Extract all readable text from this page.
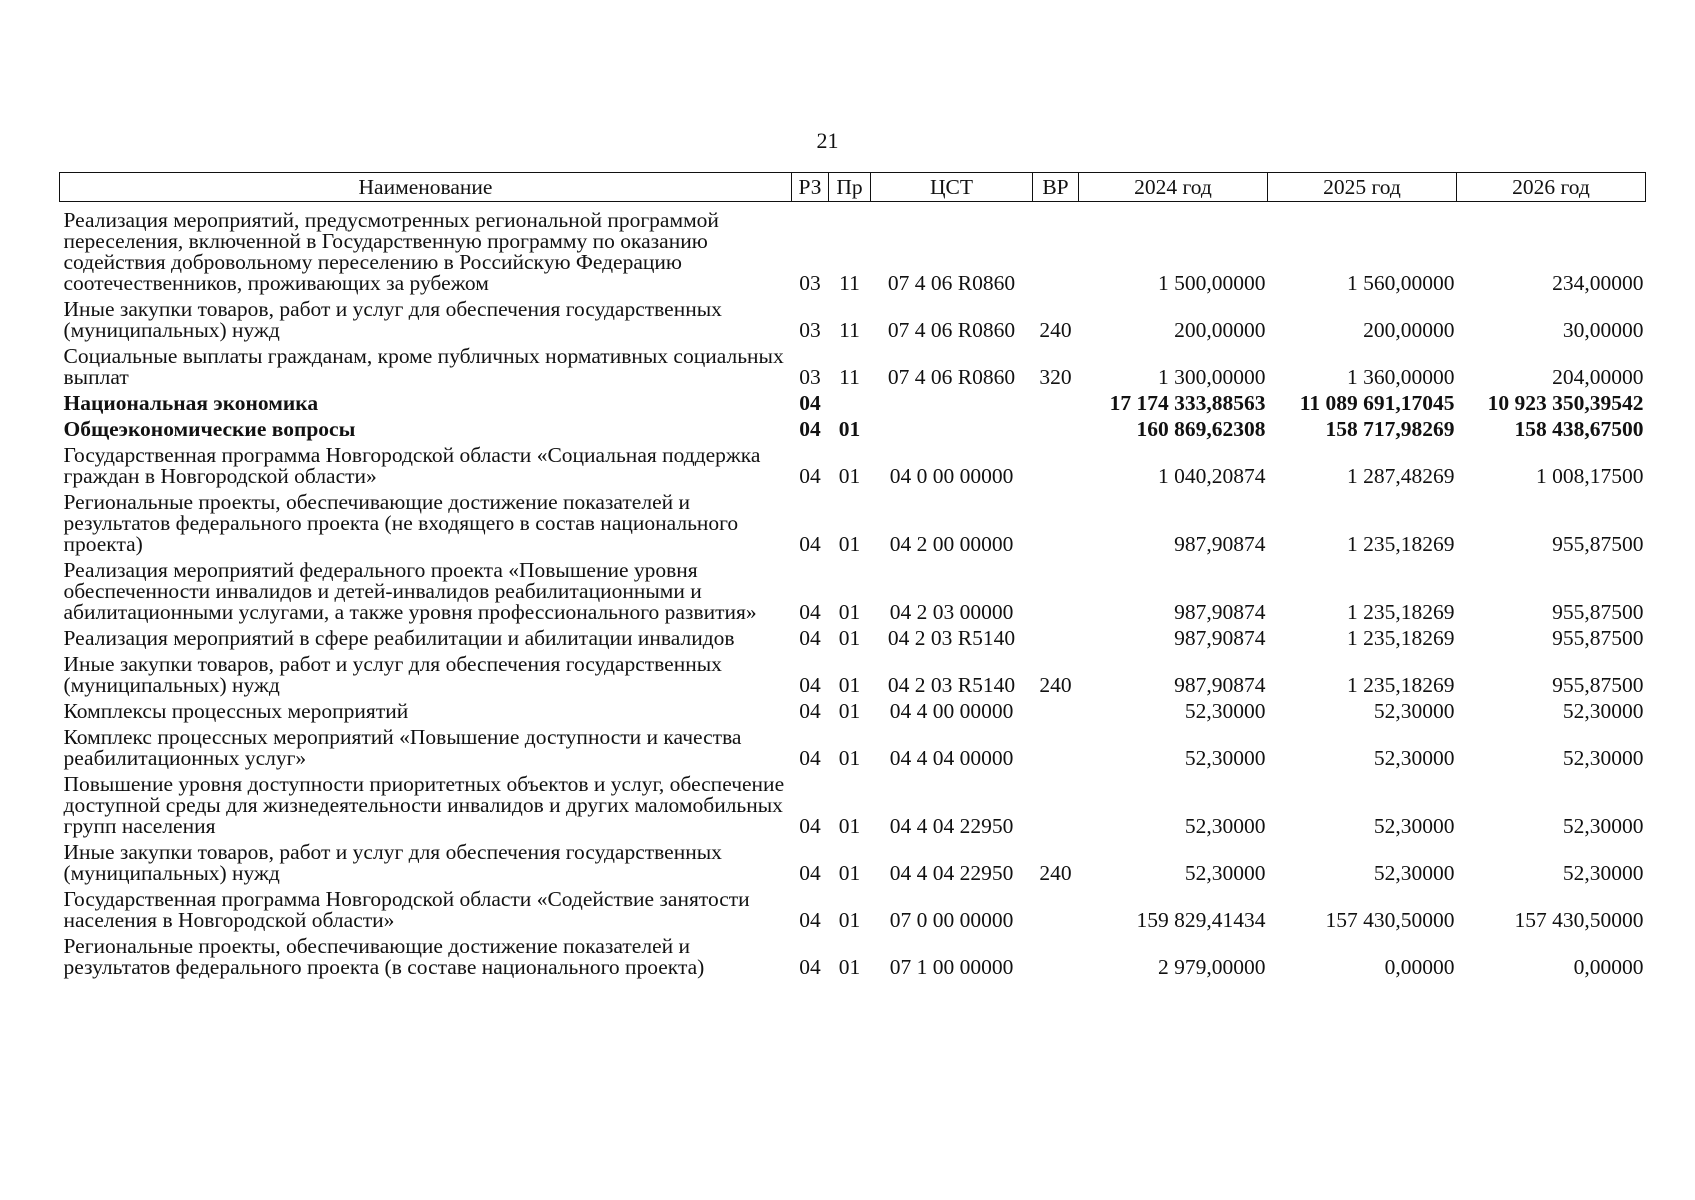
21
Наименование	РЗ	Пр	ЦСТ	ВР	2024 год	2025 год	2026 год
Реализация мероприятий, предусмотренных региональной программой переселения, включенной в Государственную программу по оказанию содействия добровольному переселению в Российскую Федерацию соотечественников, проживающих за рубежом	03	11	07 4 06 R0860		1 500,00000	1 560,00000	234,00000
Иные закупки товаров, работ и услуг для обеспечения государственных (муниципальных) нужд	03	11	07 4 06 R0860	240	200,00000	200,00000	30,00000
Социальные выплаты гражданам, кроме публичных нормативных социальных выплат	03	11	07 4 06 R0860	320	1 300,00000	1 360,00000	204,00000
Национальная экономика	04				17 174 333,88563	11 089 691,17045	10 923 350,39542
Общеэкономические вопросы	04	01			160 869,62308	158 717,98269	158 438,67500
Государственная программа Новгородской области «Социальная поддержка граждан в Новгородской области»	04	01	04 0 00 00000		1 040,20874	1 287,48269	1 008,17500
Региональные проекты, обеспечивающие достижение показателей и результатов федерального проекта (не входящего в состав национального проекта)	04	01	04 2 00 00000		987,90874	1 235,18269	955,87500
Реализация мероприятий федерального проекта «Повышение уровня обеспеченности инвалидов и детей-инвалидов реабилитационными и абилитационными услугами, а также уровня профессионального развития»	04	01	04 2 03 00000		987,90874	1 235,18269	955,87500
Реализация мероприятий в сфере реабилитации и абилитации инвалидов	04	01	04 2 03 R5140		987,90874	1 235,18269	955,87500
Иные закупки товаров, работ и услуг для обеспечения государственных (муниципальных) нужд	04	01	04 2 03 R5140	240	987,90874	1 235,18269	955,87500
Комплексы процессных мероприятий	04	01	04 4 00 00000		52,30000	52,30000	52,30000
Комплекс процессных мероприятий «Повышение доступности и качества реабилитационных услуг»	04	01	04 4 04 00000		52,30000	52,30000	52,30000
Повышение уровня доступности приоритетных объектов и услуг, обеспечение доступной среды для жизнедеятельности инвалидов и других маломобильных групп населения	04	01	04 4 04 22950		52,30000	52,30000	52,30000
Иные закупки товаров, работ и услуг для обеспечения государственных (муниципальных) нужд	04	01	04 4 04 22950	240	52,30000	52,30000	52,30000
Государственная программа Новгородской области «Содействие занятости населения в Новгородской области»	04	01	07 0 00 00000		159 829,41434	157 430,50000	157 430,50000
Региональные проекты, обеспечивающие достижение показателей и результатов федерального проекта (в составе национального проекта)	04	01	07 1 00 00000		2 979,00000	0,00000	0,00000
